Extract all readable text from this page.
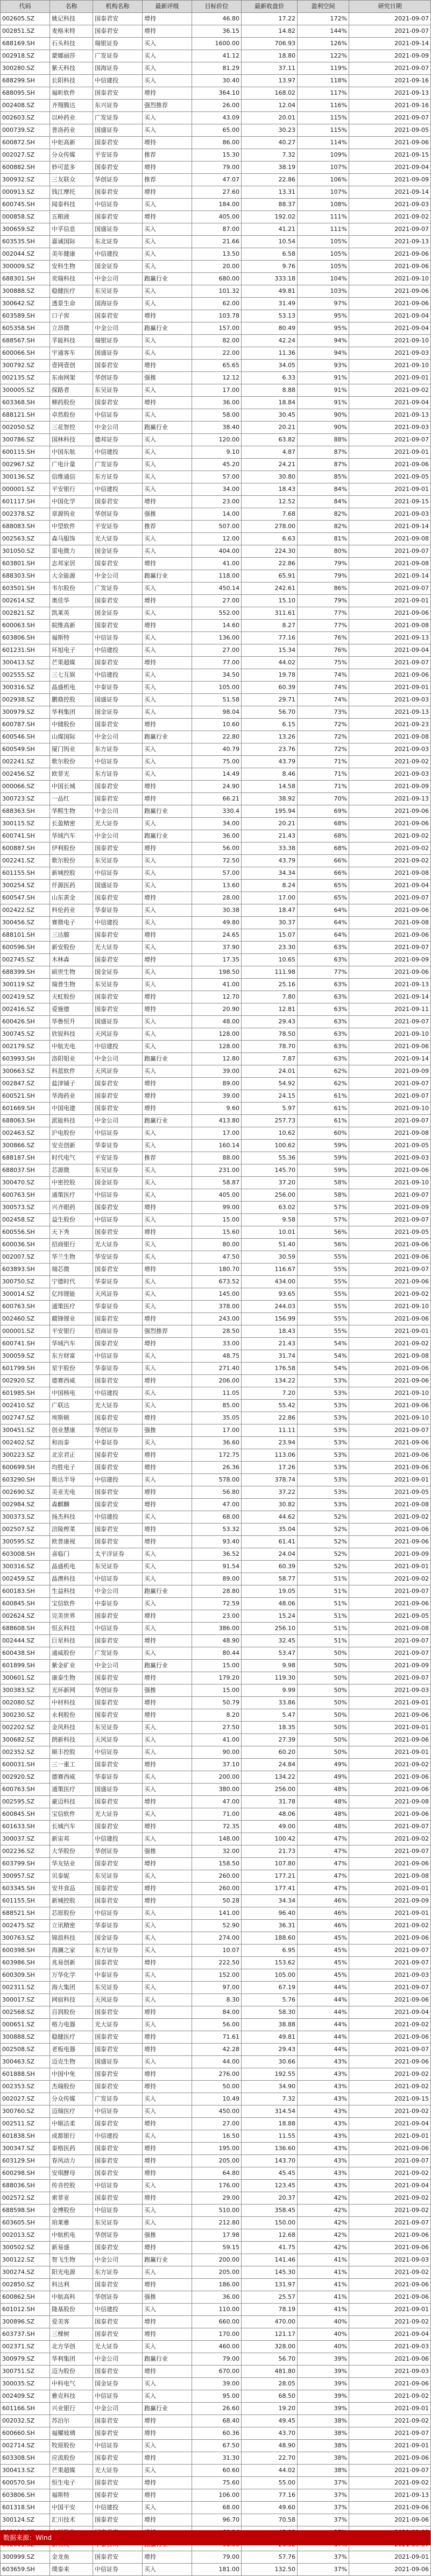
代码	名称	机构名称	最新评级	目标价位	最新收盘价	盈利空间	研究日期
002605.SZ	姚记科技	国泰君安	增持	46.80	17.22	172%	2021-09-07
002851.SZ	麦格米特	国泰君安	增持	36.15	14.82	144%	2021-09-07
688169.SH	石头科技	瑞银证券	买入	1600.00	706.93	126%	2021-09-14
002918.SZ	蒙娜丽莎	广发证券	买入	41.12	18.80	122%	2021-09-09
300280.SZ	紫天科技	国海证券	买入	81.29	37.11	119%	2021-09-07
688299.SH	长阳科技	中信建投	买入	30.40	13.97	118%	2021-09-16
688095.SH	福昕软件	国泰君安	增持	364.10	168.02	117%	2021-09-13
002408.SZ	齐翔腾达	东兴证券	强烈推荐	26.00	12.04	116%	2021-09-16
002603.SZ	以岭药业	广发证券	买入	43.09	20.01	115%	2021-09-07
000739.SZ	普洛药业	国盛证券	买入	65.00	30.23	115%	2021-09-05
600872.SH	中炬高新	国泰君安	增持	86.00	40.27	114%	2021-09-06
002027.SZ	分众传媒	平安证券	推荐	15.30	7.32	109%	2021-09-15
600882.SH	妙可蓝多	国泰君安	增持	79.00	38.19	107%	2021-09-04
300932.SZ	三友联众	华创证券	推荐	47.07	22.86	106%	2021-09-09
000913.SZ	钱江摩托	国泰君安	增持	27.60	13.31	107%	2021-09-14
600745.SH	闻泰科技	中信证券	买入	184.00	88.37	108%	2021-09-03
000858.SZ	五粮液	国泰君安	增持	405.00	192.02	111%	2021-09-02
300659.SZ	中孚信息	国盛证券	买入	87.00	41.21	111%	2021-09-07
603535.SH	嘉诚国际	东北证券	买入	21.66	10.54	105%	2021-09-13
002044.SZ	美年健康	中信建投	买入	13.50	6.58	105%	2021-09-06
300009.SZ	安科生物	国金证券	买入	20.00	9.76	105%	2021-09-06
688301.SH	奕瑞科技	中金公司	跑赢行业	680.00	333.18	104%	2021-09-10
300888.SZ	稳健医疗	东吴证券	买入	101.32	49.81	103%	2021-09-06
300642.SZ	透景生命	国海证券	买入	62.00	31.49	97%	2021-09-06
603589.SH	口子窖	国泰君安	增持	103.78	53.13	95%	2021-09-04
605358.SH	立昂微	中金公司	跑赢行业	157.00	80.49	95%	2021-09-04
688567.SH	孚能科技	瑞银证券	买入	82.00	42.24	94%	2021-09-10
600066.SH	宇通客车	国盛证券	买入	22.00	11.36	94%	2021-09-03
300792.SZ	壹网壹创	国泰君安	增持	65.65	34.05	93%	2021-09-10
002135.SZ	东南网架	华创证券	强推	12.12	6.33	91%	2021-09-01
300005.SZ	探路者	东吴证券	买入	17.00	8.88	91%	2021-09-02
603368.SH	柳药股份	国泰君安	增持	36.00	18.84	91%	2021-09-04
688121.SH	卓然股份	中信证券	买入	58.00	30.45	90%	2021-09-13
002050.SZ	三花智控	中金公司	跑赢行业	38.40	20.21	90%	2021-09-03
300786.SZ	国林科技	德邦证券	买入	120.00	63.82	88%	2021-09-07
600115.SH	中国东航	中信建投	买入	9.10	4.87	87%	2021-09-01
002967.SZ	广电计量	广发证券	买入	45.20	24.21	87%	2021-09-06
300136.SZ	信维通信	东方证券	买入	57.00	30.80	85%	2021-09-05
000001.SZ	平安银行	中信建投	买入	34.00	18.43	84%	2021-09-01
601117.SH	中国化学	国泰君安	增持	23.00	12.52	84%	2021-09-15
002378.SZ	章源钨业	华创证券	强推	14.00	7.68	82%	2021-09-03
688083.SH	中望软件	平安证券	推荐	507.00	278.00	82%	2021-09-14
002563.SZ	森马服饰	光大证券	买入	12.00	6.63	81%	2021-09-08
301050.SZ	雷电微力	国金证券	买入	404.00	224.30	80%	2021-09-07
603801.SH	志邦家居	国泰君安	增持	41.00	22.86	79%	2021-09-08
688303.SH	大全能源	中金公司	跑赢行业	118.00	65.91	79%	2021-09-14
603501.SH	韦尔股份	广发证券	买入	450.14	242.61	86%	2021-09-07
002614.SZ	奥佳华	国泰君安	增持	27.00	15.10	79%	2021-09-01
002821.SZ	凯莱英	国金证券	买入	552.00	311.61	77%	2021-09-06
600063.SH	皖维高新	国泰君安	增持	14.60	8.27	77%	2021-09-08
603806.SH	福斯特	中信证券	买入	136.00	77.16	76%	2021-09-13
601231.SH	环旭电子	中信建投	买入	27.00	15.34	76%	2021-09-04
300413.SZ	芒果超媒	国泰君安	增持	77.00	44.02	75%	2021-09-07
002555.SZ	三七互娱	中信建投	买入	34.50	19.78	74%	2021-09-06
300316.SZ	晶盛机电	中泰证券	买入	105.00	60.39	74%	2021-09-01
002938.SZ	鹏鼎控股	国盛证券	买入	51.58	29.71	74%	2021-09-03
300979.SZ	华利集团	国金证券	买入	98.04	56.70	73%	2021-09-13
600787.SH	中储股份	国泰君安	增持	10.60	6.15	72%	2021-09-23
600546.SH	山煤国际	中金公司	跑赢行业	22.80	13.26	72%	2021-09-08
600549.SH	厦门钨业	东方证券	买入	40.79	23.76	72%	2021-09-03
002241.SZ	歌尔股份	中信证券	买入	75.00	43.79	71%	2021-09-02
002456.SZ	欧菲光	东方证券	买入	14.49	8.46	71%	2021-09-03
000066.SZ	中国长城	国泰君安	增持	24.90	14.58	71%	2021-09-09
300723.SZ	一品红	国泰君安	增持	66.21	38.92	70%	2021-09-13
688363.SH	华熙生物	中金公司	跑赢行业	330.4	195.94	69%	2021-09-06
300115.SZ	长盈精密	光大证券	买入	34.00	20.21	68%	2021-09-06
600741.SH	华域汽车	中金公司	跑赢行业	36.00	21.43	68%	2021-09-02
600887.SH	伊利股份	国泰君安	增持	56.00	33.38	68%	2021-09-02
002241.SZ	歌尔股份	东吴证券	买入	72.50	43.79	66%	2021-09-02
601155.SH	新城控股	中信证券	买入	57.00	34.34	66%	2021-09-08
300254.SZ	仟源医药	国盛证券	买入	13.60	8.24	65%	2021-09-04
600547.SH	山东黄金	国泰君安	增持	28.00	17.00	65%	2021-09-07
002422.SZ	科伦药业	华泰证券	买入	30.38	18.47	64%	2021-09-06
300456.SZ	赛微电子	中信建投	买入	49.80	30.37	64%	2021-09-08
688101.SH	三达膜	国泰君安	增持	24.65	15.07	64%	2021-09-06
600596.SH	新安股份	光大证券	买入	37.90	23.30	63%	2021-09-07
002745.SZ	木林森	国泰君安	增持	17.35	10.65	63%	2021-09-09
688399.SH	硕世生物	国金证券	买入	198.50	111.98	77%	2021-09-06
300119.SZ	瑞普生物	东吴证券	买入	41.00	25.16	63%	2021-09-13
002419.SZ	天虹股份	国泰君安	增持	12.70	7.80	63%	2021-09-14
002416.SZ	爱施德	国泰君安	增持	20.90	12.81	63%	2021-09-11
600426.SH	华鲁恒升	国盛证券	买入	48.00	29.43	63%	2021-09-07
300745.SZ	欣锐科技	天风证券	买入	128.00	78.50	63%	2021-09-10
002179.SZ	中航光电	中信建投	买入	128.00	78.70	63%	2021-09-06
603993.SH	洛阳钼业	中金公司	跑赢行业	12.80	7.87	63%	2021-09-14
300663.SZ	科蓝软件	天风证券	买入	39.00	24.01	62%	2021-09-09
002847.SZ	盐津铺子	国泰君安	增持	89.00	54.92	62%	2021-09-07
600521.SH	华海药业	国泰君安	增持	39.00	24.15	61%	2021-09-07
601669.SH	中国电建	国泰君安	增持	9.60	5.97	61%	2021-09-10
688063.SH	派能科技	中金公司	跑赢行业	413.80	257.73	61%	2021-09-07
002463.SZ	沪电股份	中信证券	买入	17.00	10.62	60%	2021-09-08
300866.SZ	安克创新	华泰证券	买入	160.14	100.62	59%	2021-09-05
688187.SH	时代电气	平安证券	推荐	88.00	55.36	59%	2021-09-03
688037.SH	芯源微	东吴证券	买入	231.00	145.70	59%	2021-09-06
300470.SZ	中密控股	国金证券	买入	58.87	37.20	58%	2021-09-10
600763.SH	通策医疗	中信证券	买入	405.00	256.00	58%	2021-09-07
300573.SZ	兴齐眼药	国泰君安	增持	99.00	63.02	57%	2021-09-09
002458.SZ	益生股份	中信证券	买入	15.00	9.58	57%	2021-09-07
600556.SH	天下秀	国泰君安	增持	15.60	10.01	56%	2021-09-05
600036.SH	招商银行	光大证券	买入	80.00	51.40	56%	2021-09-06
002007.SZ	华兰生物	华安证券	买入	47.50	30.59	55%	2021-09-06
603893.SH	瑞芯微	国泰君安	增持	180.70	116.67	55%	2021-09-07
300750.SZ	宁德时代	华泰证券	买入	673.52	434.00	55%	2021-09-06
300014.SZ	亿纬锂能	天风证券	买入	145.00	93.65	55%	2021-09-02
600763.SH	通策医疗	华泰证券	买入	378.00	244.03	55%	2021-09-10
002460.SZ	赣锋锂业	国泰君安	增持	243.00	156.99	55%	2021-09-06
000001.SZ	平安银行	招商证券	强烈推荐	28.50	18.43	55%	2021-09-01
600741.SH	华域汽车	国泰君安	增持	33.00	21.43	54%	2021-09-02
300059.SZ	东方财富	中信证券	买入	48.75	31.74	54%	2021-09-08
601799.SH	星宇股份	华泰证券	买入	271.40	176.58	54%	2021-09-06
002920.SZ	德赛西威	国泰君安	增持	206.00	134.22	53%	2021-09-06
601985.SH	中国核电	中信建投	买入	11.05	7.20	53%	2021-09-10
002410.SZ	广联达	光大证券	买入	85.00	55.42	53%	2021-09-06
002747.SZ	埃斯顿	国泰君安	增持	35.05	22.86	53%	2021-09-10
300451.SZ	创业慧康	华创证券	强推	17.00	11.11	53%	2021-09-07
002402.SZ	和而泰	中泰证券	买入	36.60	23.94	53%	2021-09-06
300223.SZ	北京君正	国泰君安	增持	172.75	113.06	53%	2021-09-06
600699.SH	均胜电子	国泰君安	增持	26.36	17.26	53%	2021-09-06
603290.SH	斯达半导	中信建投	买入	578.00	378.74	53%	2021-09-01
002690.SZ	美亚光电	国泰君安	增持	56.80	37.22	53%	2021-09-05
002984.SZ	森麒麟	国泰君安	增持	47.00	30.82	53%	2021-09-08
300373.SZ	扬杰科技	中信建投	买入	68.00	44.62	52%	2021-09-02
002507.SZ	涪陵榨菜	国泰君安	增持	53.32	35.04	52%	2021-09-06
300595.SZ	欧普康视	国泰君安	增持	93.40	61.41	52%	2021-09-06
603008.SH	喜临门	太平洋证券	买入	36.52	24.04	52%	2021-09-09
300316.SZ	晶盛机电	东吴证券	买入	91.54	60.39	52%	2021-09-01
002459.SZ	晶澳科技	中信证券	买入	89.00	58.77	51%	2021-09-02
600183.SH	生益科技	中金公司	跑赢行业	28.80	19.05	51%	2021-09-07
600845.SH	宝信软件	中泰证券	买入	72.59	48.06	51%	2021-09-06
002624.SZ	完美世界	国泰君安	增持	23.00	15.24	51%	2021-09-05
688608.SH	恒玄科技	中信证券	买入	386.00	256.10	51%	2021-09-08
002444.SZ	巨星科技	国泰君安	增持	48.90	32.45	51%	2021-09-07
600438.SH	通威股份	广发证券	买入	80.44	53.47	50%	2021-09-07
601899.SH	紫金矿业	中金公司	跑赢行业	15.00	9.98	50%	2021-09-09
300601.SZ	康泰生物	国泰君安	增持	179.20	119.30	50%	2021-09-07
300383.SZ	光环新网	华创证券	强推	15.00	9.99	50%	2021-09-03
002080.SZ	中材科技	国泰君安	增持	50.79	33.86	50%	2021-09-01
300230.SZ	永利股份	国泰君安	增持	8.20	5.47	50%	2021-09-06
002202.SZ	金风科技	东吴证券	买入	27.50	18.35	50%	2021-09-01
300682.SZ	朗新科技	天风证券	买入	41.00	27.39	50%	2021-09-06
002352.SZ	顺丰控股	中信证券	买入	90.00	60.20	50%	2021-09-01
600031.SH	三一重工	国泰君安	增持	37.10	24.84	49%	2021-09-02
002920.SZ	德赛西威	华泰证券	买入	200.00	134.22	49%	2021-09-06
600763.SH	通策医疗	国盛证券	买入	380.00	256.00	48%	2021-09-06
002595.SZ	豪迈科技	国泰君安	增持	47.00	31.78	48%	2021-09-08
600845.SH	宝信软件	光大证券	买入	71.00	48.06	48%	2021-09-06
601633.SH	长城汽车	国泰君安	增持	72.35	49.00	48%	2021-09-07
300037.SZ	新宙邦	中信建投	买入	148.00	100.42	47%	2021-09-02
002236.SZ	大华股份	华创证券	强推	32.00	21.73	47%	2021-09-07
603799.SH	华友钴业	国泰君安	增持	158.50	107.80	47%	2021-09-06
300957.SZ	贝泰妮	东吴证券	买入	260.00	177.21	47%	2021-09-08
603345.SH	安井食品	国泰君安	增持	260.00	177.41	47%	2021-09-01
601155.SH	新城控股	国泰君安	增持	50.28	34.34	46%	2021-09-09
688521.SH	芯原股份	中信证券	买入	141.00	96.40	46%	2021-09-01
002475.SZ	立讯精密	华泰证券	买入	52.90	36.31	46%	2021-09-02
300763.SZ	锦浪科技	国金证券	买入	274.00	188.60	45%	2021-09-06
600398.SH	海澜之家	东方证券	买入	10.07	6.95	45%	2021-09-07
603986.SH	兆易创新	国泰君安	增持	222.50	153.62	45%	2021-09-07
600309.SH	万华化学	中泰证券	买入	152.00	105.00	45%	2021-09-03
002311.SZ	海大集团	东吴证券	买入	97.00	67.19	44%	2021-09-07
300017.SZ	网宿科技	天风证券	买入	8.30	5.76	44%	2021-09-06
002568.SZ	百润股份	国泰君安	增持	84.00	58.30	44%	2021-09-04
000651.SZ	格力电器	光大证券	买入	56.00	38.88	44%	2021-09-02
300888.SZ	稳健医疗	国泰君安	增持	71.61	49.81	44%	2021-09-06
002508.SZ	老板电器	国泰君安	增持	42.28	29.43	44%	2021-09-07
300463.SZ	迈克生物	国盛证券	买入	44.00	30.66	43%	2021-09-06
601888.SH	中国中免	国泰君安	增持	276.00	192.55	43%	2021-09-02
002353.SZ	杰瑞股份	国泰君安	增持	50.00	34.90	43%	2021-09-02
002027.SZ	分众传媒	广发证券	买入	10.49	7.32	43%	2021-09-15
300760.SZ	迈瑞医疗	中信证券	买入	450.00	314.54	43%	2021-09-02
002511.SZ	中顺洁柔	国泰君安	增持	27.00	18.88	43%	2021-09-04
601838.SH	成都银行	中信建投	买入	16.50	11.55	43%	2021-09-01
300347.SZ	泰格医药	国泰君安	增持	195.00	136.60	43%	2021-09-06
603129.SH	春风动力	国泰君安	增持	205.00	143.70	43%	2021-09-07
600298.SH	安琪酵母	国泰君安	增持	64.80	45.45	43%	2021-09-02
688036.SH	传音控股	中信证券	买入	176.00	123.45	43%	2021-09-04
002572.SZ	索菲亚	国泰君安	增持	29.00	20.37	42%	2021-09-02
688598.SH	金博股份	中信证券	买入	510.00	358.45	42%	2021-09-02
603605.SH	珀莱雅	东吴证券	买入	212.80	150.00	42%	2021-09-07
002013.SZ	中航机电	华创证券	强推	17.98	12.68	42%	2021-09-06
300502.SZ	新易盛	国泰君安	增持	59.15	41.75	42%	2021-09-06
300122.SZ	智飞生物	中金公司	跑赢行业	200.00	141.46	41%	2021-09-03
300274.SZ	阳光电源	东方证券	买入	205.00	145.30	41%	2021-09-02
002850.SZ	科达利	国泰君安	增持	186.00	131.97	41%	2021-09-06
600862.SH	中航高科	华创证券	强推	36.00	25.57	41%	2021-09-06
601012.SH	隆基股份	中信建投	买入	110.00	78.19	41%	2021-09-01
300896.SZ	爱美客	国泰君安	增持	660.00	470.00	40%	2021-09-02
603737.SH	三棵树	国泰君安	增持	170.00	121.17	40%	2021-09-04
002371.SZ	北方华创	光大证券	买入	460.00	328.00	40%	2021-09-03
300979.SZ	华利集团	中金公司	跑赢行业	79.00	56.70	39%	2021-09-06
300751.SZ	迈为股份	国泰君安	增持	670.00	481.80	39%	2021-09-03
300035.SZ	中科电气	国金证券	买入	39.00	28.05	39%	2021-09-06
002409.SZ	雅克科技	中信证券	买入	95.00	68.50	39%	2021-09-02
601166.SH	兴业银行	中金公司	跑赢行业	26.60	19.20	39%	2021-09-01
002032.SZ	苏泊尔	国泰君安	增持	68.40	49.45	38%	2021-09-02
600660.SH	福耀玻璃	国泰君安	增持	60.36	43.70	38%	2021-09-07
002714.SZ	牧原股份	中信证券	买入	67.50	48.90	38%	2021-09-01
603308.SH	应流股份	国泰君安	增持	31.30	22.70	38%	2021-09-06
300413.SZ	芒果超媒	光大证券	买入	60.60	44.02	38%	2021-09-07
600570.SH	恒生电子	国泰君安	增持	75.60	55.00	37%	2021-09-02
603806.SH	福斯特	国泰君安	增持	106.00	77.16	37%	2021-09-13
601318.SH	中国平安	中信建投	买入	68.00	49.60	37%	2021-09-06
300124.SZ	汇川技术	国泰君安	增持	96.70	70.58	37%	2021-09-06

300999.SZ	金龙鱼	国泰君安	增持	79.00	57.76	37%	2021-09-01
603659.SH	璞泰来	中信证券	买入	181.00	132.50	37%	2021-09-06
数据来源：Wind
